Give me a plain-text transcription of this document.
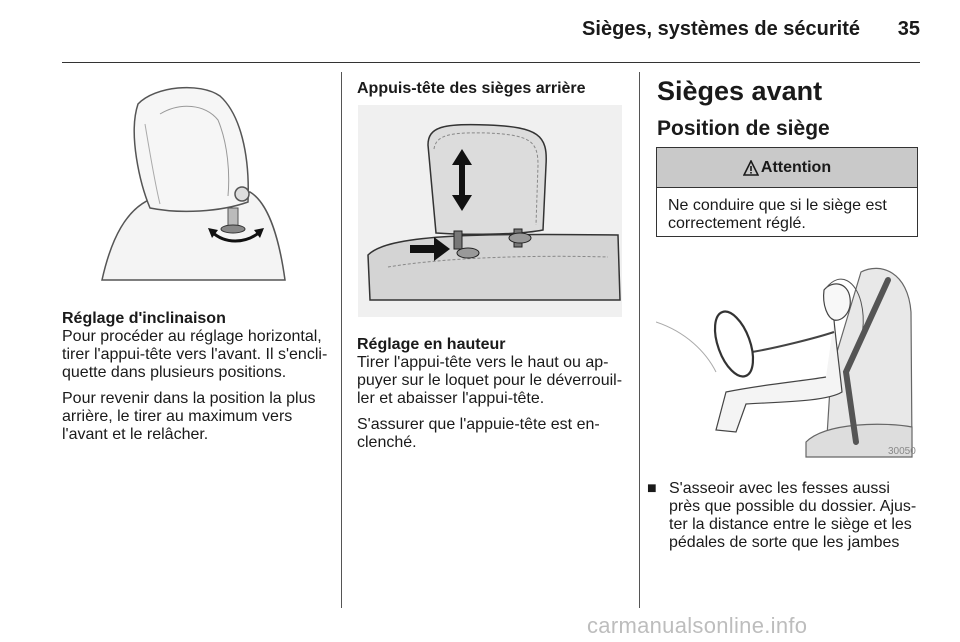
Sièges, systèmes de sécurité	35
Réglage d'inclinaison

Pour procéder au réglage horizontal, tirer l'appui-tête vers l'avant. Il s'encli-quette dans plusieurs positions.

Pour revenir dans la position la plus arrière, le tirer au maximum vers l'avant et le relâcher.

Appuis-tête des sièges arrière
Réglage en hauteur

Tirer l'appui-tête vers le haut ou ap-puyer sur le loquet pour le déverrouil-ler et abaisser l'appui-tête.

S'assurer que l'appuie-tête est en-clenché.

Sièges avant
Position de siège
Attention
Ne conduire que si le siège est correctement réglé.
30050
■ S'asseoir avec les fesses aussi près que possible du dossier. Ajus-ter la distance entre le siège et les pédales de sorte que les jambes
carmanualsonline.info
